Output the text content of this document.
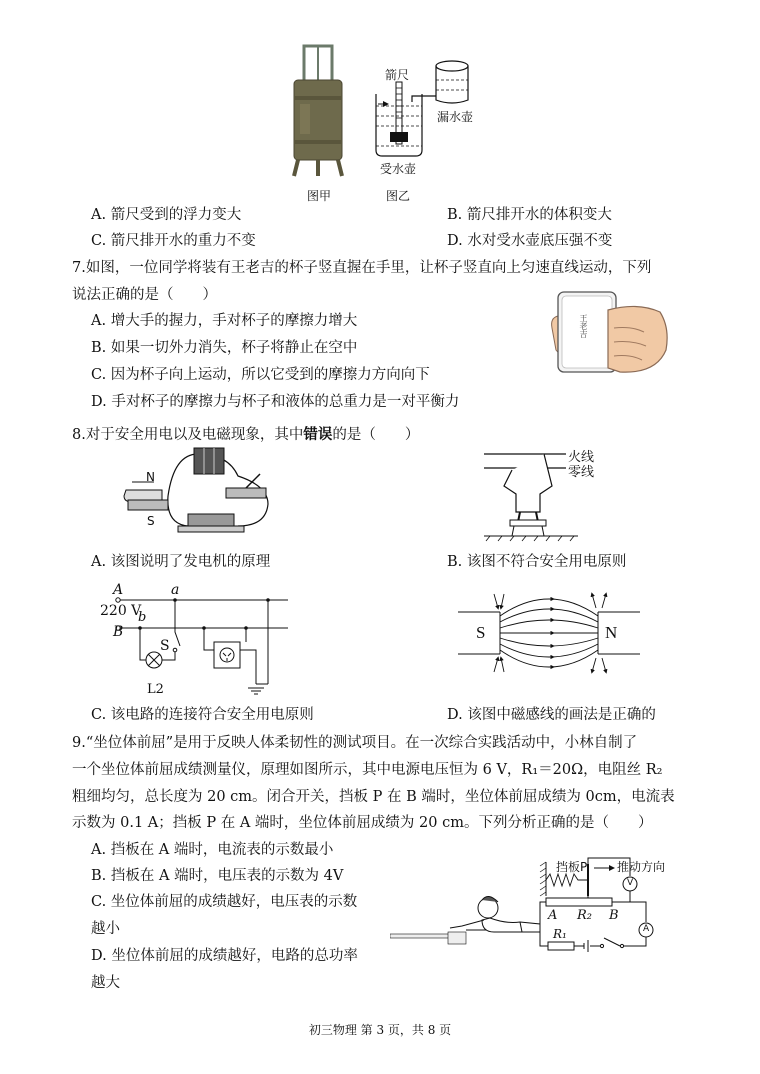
图甲
箭尺
漏水壶
受水壶
图乙
A. 箭尺受到的浮力变大	B. 箭尺排开水的体积变大
C. 箭尺排开水的重力不变	D. 水对受水壶底压强不变
7.如图，一位同学将装有王老吉的杯子竖直握在手里，让杯子竖直向上匀速直线运动，下列
说法正确的是（　　）
A. 增大手的握力，手对杯子的摩擦力增大
B. 如果一切外力消失，杯子将静止在空中
C. 因为杯子向上运动，所以它受到的摩擦力方向向下
D. 手对杯子的摩擦力与杯子和液体的总重力是一对平衡力
王老吉
8.对于安全用电以及电磁现象，其中错误的是（　　）
N
S
火线
零线
A. 该图说明了发电机的原理	B. 该图不符合安全用电原则
A	a
220 V
b
B
S
L2
S	N
C. 该电路的连接符合安全用电原则	D. 该图中磁感线的画法是正确的
9.“坐位体前屈”是用于反映人体柔韧性的测试项目。在一次综合实践活动中，小林自制了
一个坐位体前屈成绩测量仪，原理如图所示，其中电源电压恒为 6 V，R₁＝20Ω，电阻丝 R₂
粗细均匀，总长度为 20 cm。闭合开关，挡板 P 在 B 端时，坐位体前屈成绩为 0cm，电流表
示数为 0.1 A；挡板 P 在 A 端时，坐位体前屈成绩为 20 cm。下列分析正确的是（　　）
A. 挡板在 A 端时，电流表的示数最小
B. 挡板在 A 端时，电压表的示数为 4V
C. 坐位体前屈的成绩越好，电压表的示数
越小
D. 坐位体前屈的成绩越好，电路的总功率
越大
挡板P 推动方向
A R₂ B
R₁
V
A
初三物理 第 3 页，共 8 页
